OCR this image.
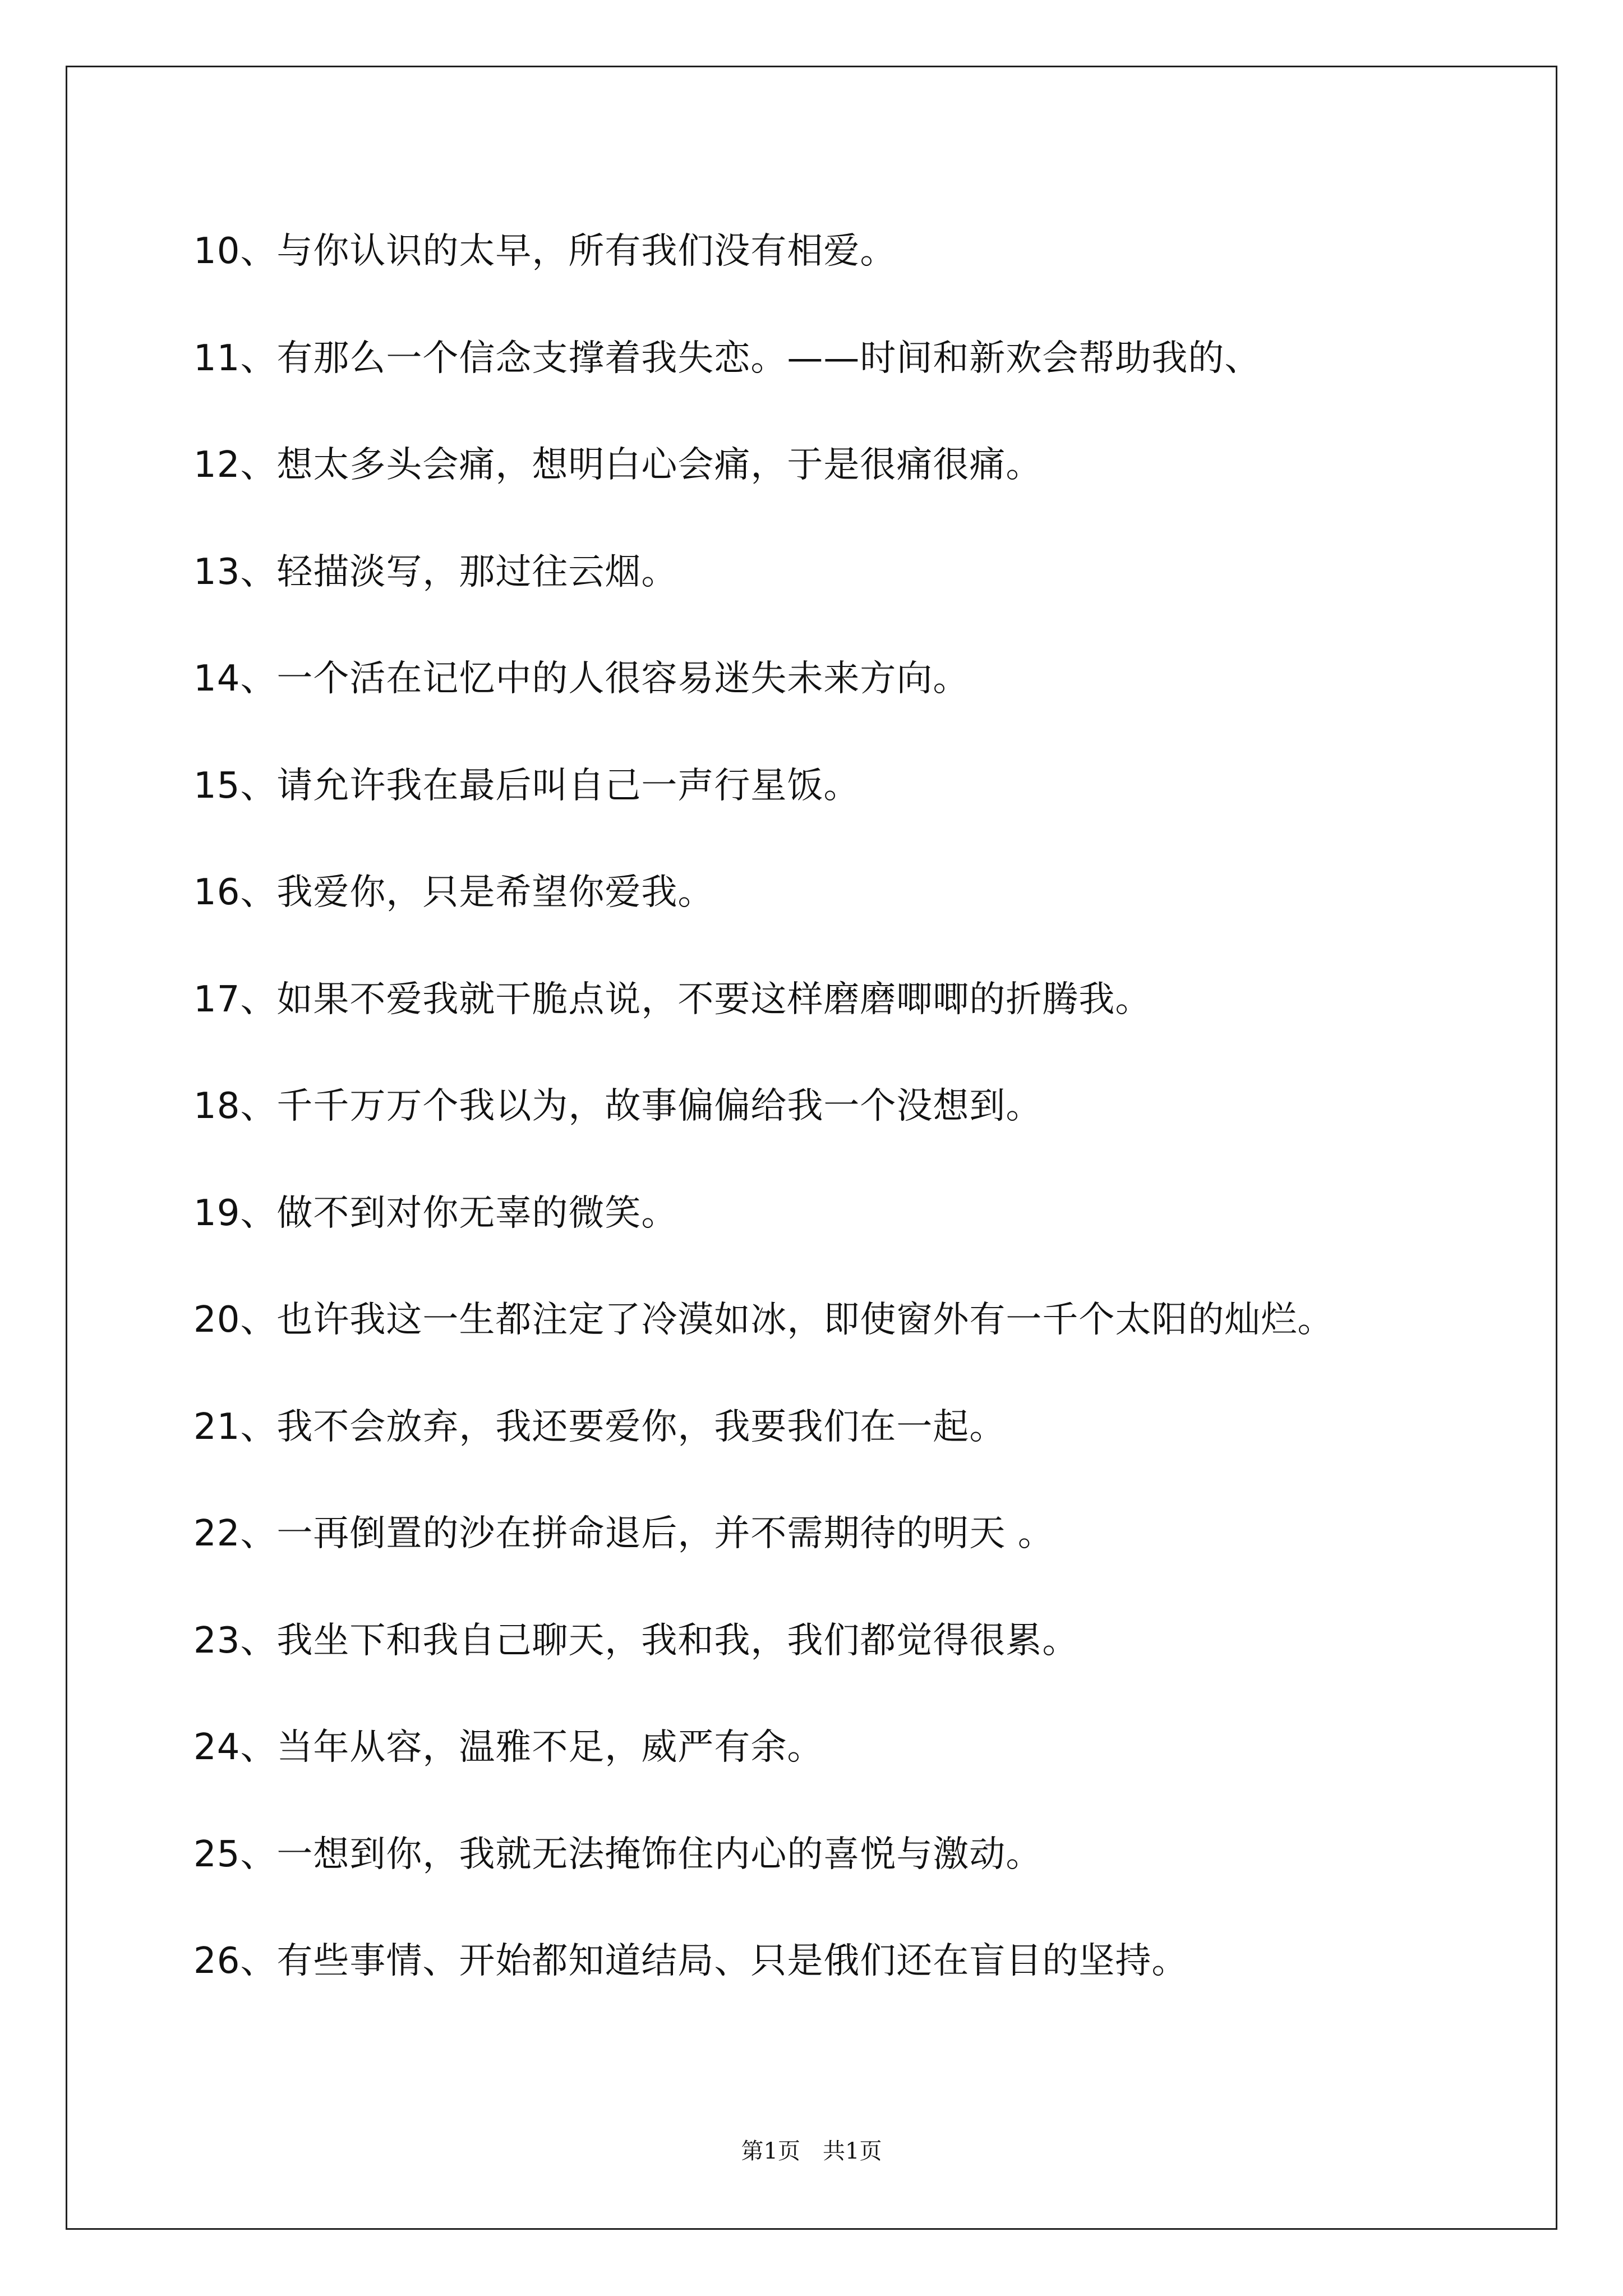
10、与你认识的太早，所有我们没有相爱。
11、有那么一个信念支撑着我失恋。——时间和新欢会帮助我的、
12、想太多头会痛，想明白心会痛，于是很痛很痛。
13、轻描淡写，那过往云烟。
14、一个活在记忆中的人很容易迷失未来方向。
15、请允许我在最后叫自己一声行星饭。
16、我爱你，只是希望你爱我。
17、如果不爱我就干脆点说，不要这样磨磨唧唧的折腾我。
18、千千万万个我以为，故事偏偏给我一个没想到。
19、做不到对你无辜的微笑。
20、也许我这一生都注定了冷漠如冰，即使窗外有一千个太阳的灿烂。
21、我不会放弃，我还要爱你，我要我们在一起。
22、一再倒置的沙在拼命退后，并不需期待的明天 。
23、我坐下和我自己聊天，我和我，我们都觉得很累。
24、当年从容，温雅不足，威严有余。
25、一想到你，我就无法掩饰住内心的喜悦与激动。
26、有些事情、开始都知道结局、只是俄们还在盲目的坚持。
第1页 共1页
